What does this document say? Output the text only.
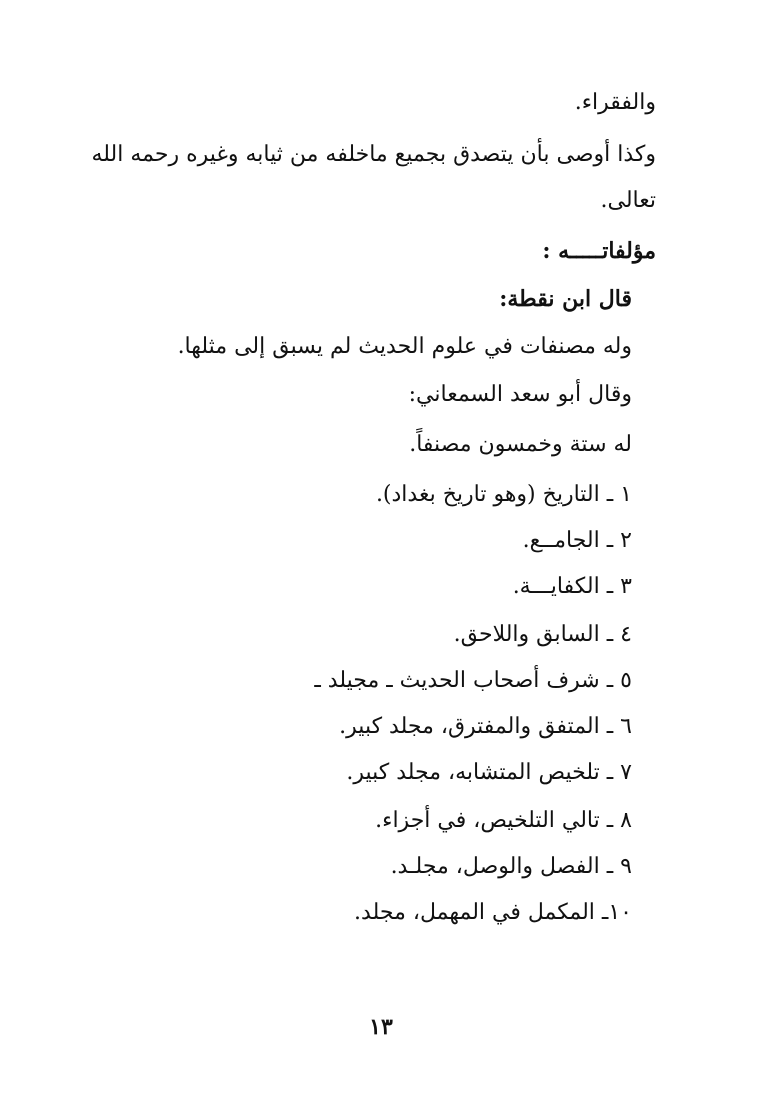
والفقراء.
وكذا أوصى بأن يتصدق بجميع ماخلفه من ثيابه وغيره رحمه الله
تعالى.
مؤلفاتـــــه :
قال ابن نقطة:
وله مصنفات في علوم الحديث لم يسبق إلى مثلها.
وقال أبو سعد السمعاني:
له ستة وخمسون مصنفاً.
١ ـ التاريخ (وهو تاريخ بغداد).
٢ ـ الجامــع.
٣ ـ الكفايـــة.
٤ ـ السابق واللاحق.
٥ ـ شرف أصحاب الحديث ـ مجيلد ـ
٦ ـ المتفق والمفترق، مجلد كبير.
٧ ـ تلخيص المتشابه، مجلد كبير.
٨ ـ تالي التلخيص، في أجزاء.
٩ ـ الفصل والوصل، مجلـد.
١٠ـ المكمل في المهمل، مجلد.
١٣
